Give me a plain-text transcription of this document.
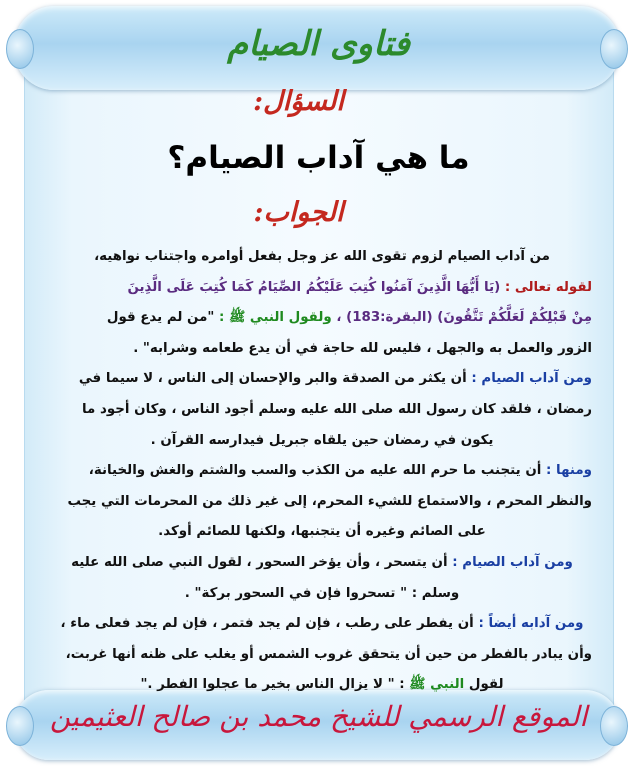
فتاوى الصيام
السؤال:

ما هي آداب الصيام؟

الجواب:
من آداب الصيام لزوم تقوى الله عز وجل بفعل أوامره واجتناب نواهيه،
لقوله تعالى : (يَا أَيُّهَا الَّذِينَ آمَنُوا كُتِبَ عَلَيْكُمُ الصِّيَامُ كَمَا كُتِبَ عَلَى الَّذِينَ
مِنْ قَبْلِكُمْ لَعَلَّكُمْ تَتَّقُونَ) (البقرة:183) ، ولقول النبي ﷺ : "من لم يدع قول
الزور والعمل به والجهل ، فليس لله حاجة في أن يدع طعامه وشرابه" .
ومن آداب الصيام : أن يكثر من الصدقة والبر والإحسان إلى الناس ، لا سيما في
رمضان ، فلقد كان رسول الله صلى الله عليه وسلم أجود الناس ، وكان أجود ما
يكون في رمضان حين يلقاه جبريل فيدارسه القرآن .
ومنها : أن يتجنب ما حرم الله عليه من الكذب والسب والشتم والغش والخيانة،
والنظر المحرم ، والاستماع للشيء المحرم، إلى غير ذلك من المحرمات التي يجب
على الصائم وغيره أن يتجنبها، ولكنها للصائم أوكد.
ومن آداب الصيام : أن يتسحر ، وأن يؤخر السحور ، لقول النبي صلى الله عليه
وسلم : " تسحروا فإن في السحور بركة" .
ومن آدابه أيضاً : أن يفطر على رطب ، فإن لم يجد فتمر ، فإن لم يجد فعلى ماء ،
وأن يبادر بالفطر من حين أن يتحقق غروب الشمس أو يغلب على ظنه أنها غربت،
لقول النبي ﷺ : " لا يزال الناس بخير ما عجلوا الفطر ."

الموقع الرسمي للشيخ محمد بن صالح العثيمين
